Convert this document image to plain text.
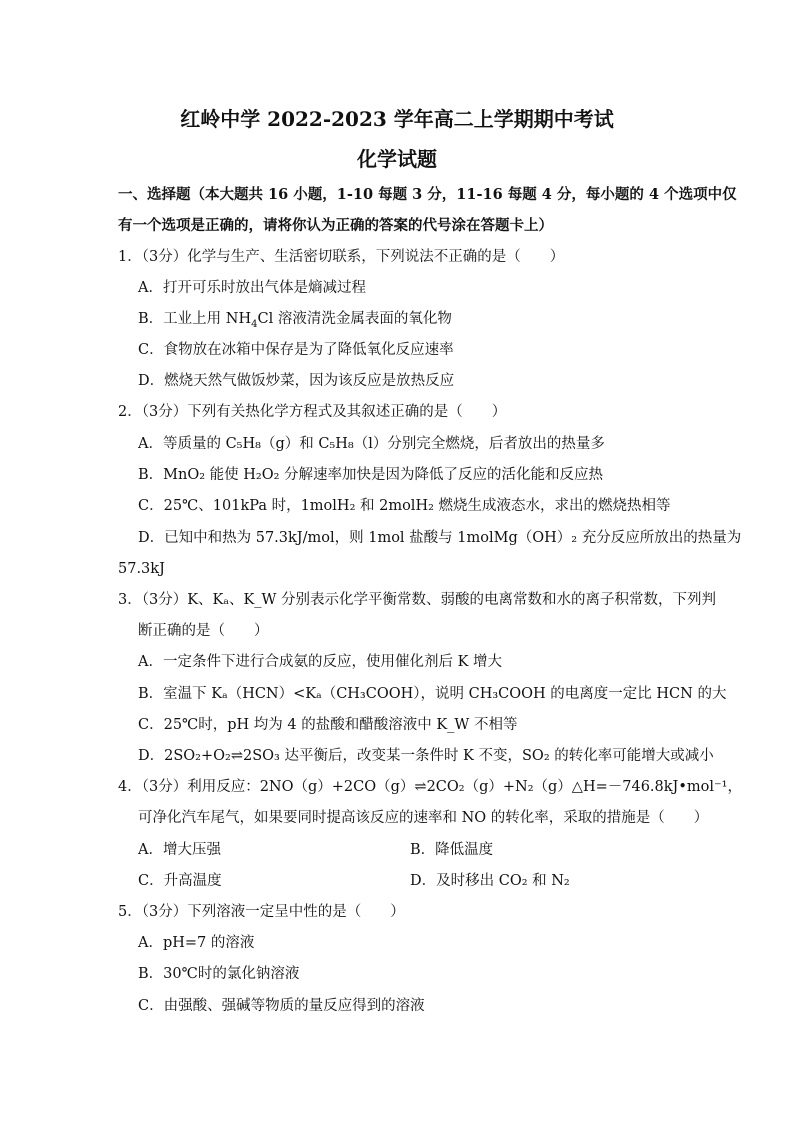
红岭中学 2022-2023 学年高二上学期期中考试
化学试题
一、选择题（本大题共 16 小题，1-10 每题 3 分，11-16 每题 4 分，每小题的 4 个选项中仅
有一个选项是正确的，请将你认为正确的答案的代号涂在答题卡上）
1．（3分）化学与生产、生活密切联系，下列说法不正确的是（　　）
A．打开可乐时放出气体是熵减过程
B．工业上用 $NH_4Cl$ 溶液清洗金属表面的氧化物
C．食物放在冰箱中保存是为了降低氧化反应速率
D．燃烧天然气做饭炒菜，因为该反应是放热反应
2．（3分）下列有关热化学方程式及其叙述正确的是（　　）
A．等质量的 C₅H₈（g）和 C₅H₈（l）分别完全燃烧，后者放出的热量多
B．MnO₂ 能使 H₂O₂ 分解速率加快是因为降低了反应的活化能和反应热
C．25℃、101kPa 时，1molH₂ 和 2molH₂ 燃烧生成液态水，求出的燃烧热相等
D．已知中和热为 57.3kJ/mol，则 1mol 盐酸与 1molMg（OH）₂ 充分反应所放出的热量为
57.3kJ
3．（3分）K、Kₐ、K_W 分别表示化学平衡常数、弱酸的电离常数和水的离子积常数，下列判
断正确的是（　　）
A．一定条件下进行合成氨的反应，使用催化剂后 K 增大
B．室温下 Kₐ（HCN）<Kₐ（CH₃COOH），说明 CH₃COOH 的电离度一定比 HCN 的大
C．25℃时，pH 均为 4 的盐酸和醋酸溶液中 K_W 不相等
D．2SO₂+O₂⇌2SO₃ 达平衡后，改变某一条件时 K 不变，SO₂ 的转化率可能增大或减小
4．（3分）利用反应：2NO（g）+2CO（g）⇌2CO₂（g）+N₂（g）△H=－746.8kJ•mol⁻¹，
可净化汽车尾气，如果要同时提高该反应的速率和 NO 的转化率，采取的措施是（　　）
A．增大压强	B．降低温度
C．升高温度	D．及时移出 CO₂ 和 N₂
5．（3分）下列溶液一定呈中性的是（　　）
A．pH=7 的溶液
B．30℃时的氯化钠溶液
C．由强酸、强碱等物质的量反应得到的溶液
